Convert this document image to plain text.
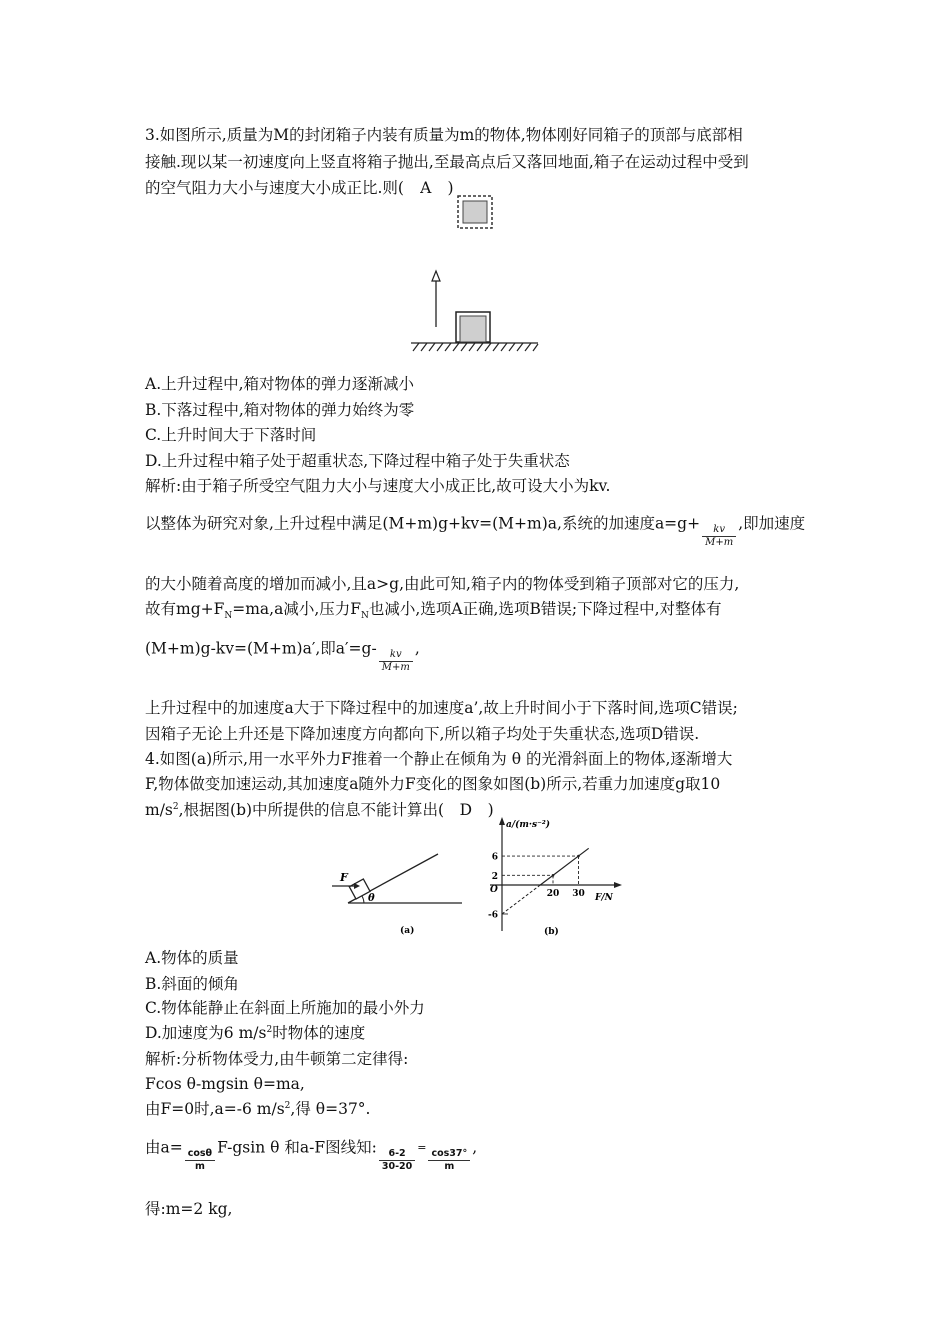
3.如图所示,质量为M的封闭箱子内装有质量为m的物体,物体刚好同箱子的顶部与底部相
接触.现以某一初速度向上竖直将箱子抛出,至最高点后又落回地面,箱子在运动过程中受到
的空气阻力大小与速度大小成正比.则( A )
A.上升过程中,箱对物体的弹力逐渐减小
B.下落过程中,箱对物体的弹力始终为零
C.上升时间大于下落时间
D.上升过程中箱子处于超重状态,下降过程中箱子处于失重状态
解析:由于箱子所受空气阻力大小与速度大小成正比,故可设大小为kv.
以整体为研究对象,上升过程中满足(M+m)g+kv=(M+m)a,系统的加速度a=g+
$\frac{kv}{M+m}$
,即加速度
的大小随着高度的增加而减小,且a>g,由此可知,箱子内的物体受到箱子顶部对它的压力,
故有$mg+F_N=ma,a$减小,压力$F_N$也减小,选项A正确,选项B错误;下降过程中,对整体有
(M+m)g-kv=(M+m)a′,即a′=g-
$\frac{kv}{M+m}$
,
上升过程中的加速度a大于下降过程中的加速度a’,故上升时间小于下落时间,选项C错误;
因箱子无论上升还是下降加速度方向都向下,所以箱子均处于失重状态,选项D错误.
4.如图(a)所示,用一水平外力F推着一个静止在倾角为 θ 的光滑斜面上的物体,逐渐增大
F,物体做变加速运动,其加速度a随外力F变化的图象如图(b)所示,若重力加速度g取10
$m/s^2$,根据图(b)中所提供的信息不能计算出( D )
F
θ
(a)
a/(m·s⁻²)
F/N
O
6
2
-6
20 30
(b)
A.物体的质量
B.斜面的倾角
C.物体能静止在斜面上所施加的最小外力
D.加速度为6 $m/s^2$时物体的速度
解析:分析物体受力,由牛顿第二定律得:
Fcos θ-mgsin θ=ma,
由F=0时,a=-6 $m/s^2$,得 θ=37°.
由a=
$\frac{\cos\theta}{m}$
F-gsin θ 和a-F图线知:
$\frac{6-2}{30-20}$
=
$\frac{\cos 37^\circ}{m}$
,
得:m=2 kg,
